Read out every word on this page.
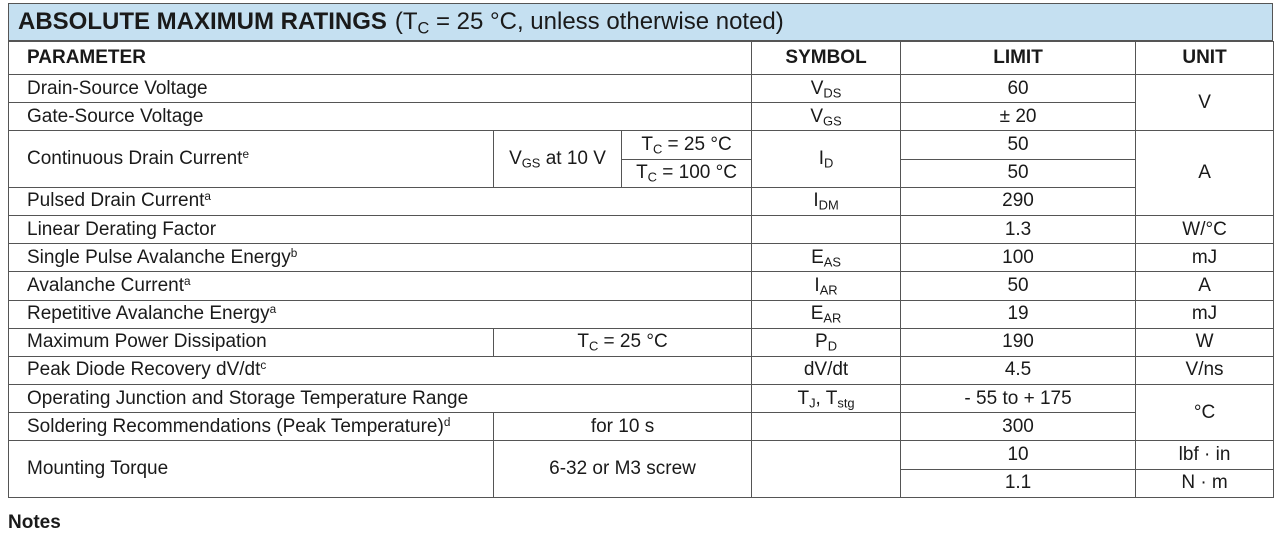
ABSOLUTE MAXIMUM RATINGS ($T_C = 25$ °C, unless otherwise noted)
PARAMETER			SYMBOL	LIMIT	UNIT
Drain-Source Voltage			$V_{DS}$	60	V
Gate-Source Voltage			$V_{GS}$	± 20	
Continuous Drain Current$^e$	$V_{GS}$ at 10 V	$T_C = 25$ °C	$I_D$	50	A
		$T_C = 100$ °C		50	
Pulsed Drain Current$^a$			$I_{DM}$	290	
Linear Derating Factor				1.3	W/°C
Single Pulse Avalanche Energy$^b$			$E_{AS}$	100	mJ
Avalanche Current$^a$			$I_{AR}$	50	A
Repetitive Avalanche Energy$^a$			$E_{AR}$	19	mJ
Maximum Power Dissipation	$T_C = 25$ °C		$P_D$	190	W
Peak Diode Recovery $dV/dt^c$			dV/dt	4.5	V/ns
Operating Junction and Storage Temperature Range			$T_J$, $T_{stg}$	- 55 to + 175	°C
Soldering Recommendations (Peak Temperature)$^d$	for 10 s			300	
Mounting Torque	6-32 or M3 screw			10	lbf · in
				1.1	N · m
Notes
